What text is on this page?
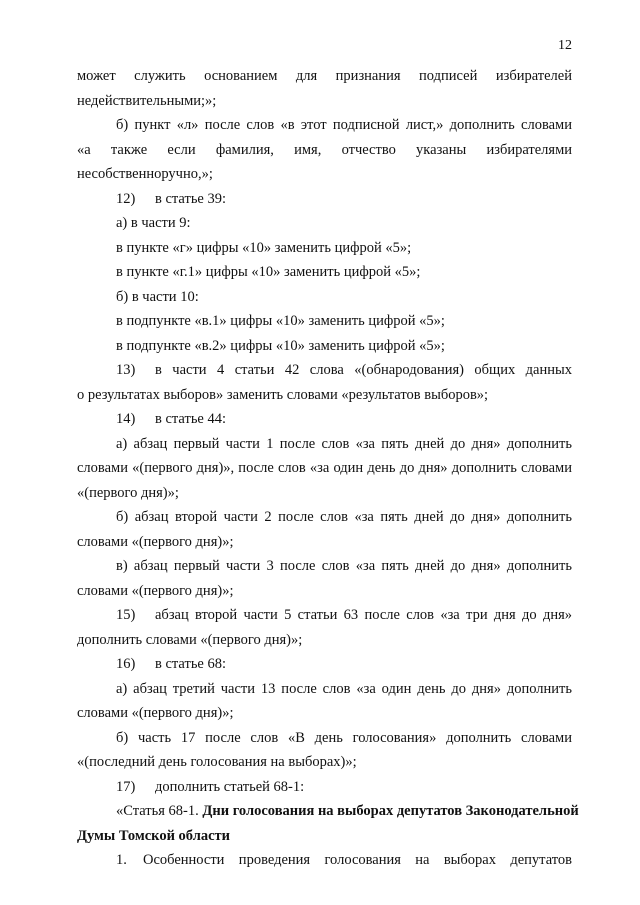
12
может служить основанием для признания подписей избирателей
недействительными;»;
б) пункт «л» после слов «в этот подписной лист,» дополнить словами
«а также если фамилия, имя, отчество указаны избирателями
несобственноручно,»;
12) в статье 39:
а) в части 9:
в пункте «г» цифры «10» заменить цифрой «5»;
в пункте «г.1» цифры «10» заменить цифрой «5»;
б) в части 10:
в подпункте «в.1» цифры «10» заменить цифрой «5»;
в подпункте «в.2» цифры «10» заменить цифрой «5»;
13) в части 4 статьи 42 слова «(обнародования) общих данных
о результатах выборов» заменить словами «результатов выборов»;
14) в статье 44:
а) абзац первый части 1 после слов «за пять дней до дня» дополнить
словами «(первого дня)», после слов «за один день до дня» дополнить словами
«(первого дня)»;
б) абзац второй части 2 после слов «за пять дней до дня» дополнить
словами «(первого дня)»;
в) абзац первый части 3 после слов «за пять дней до дня» дополнить
словами «(первого дня)»;
15) абзац второй части 5 статьи 63 после слов «за три дня до дня»
дополнить словами «(первого дня)»;
16) в статье 68:
а) абзац третий части 13 после слов «за один день до дня» дополнить
словами «(первого дня)»;
б) часть 17 после слов «В день голосования» дополнить словами
«(последний день голосования на выборах)»;
17) дополнить статьей 68-1:
«Статья 68-1. Дни голосования на выборах депутатов Законодательной
Думы Томской области
1. Особенности проведения голосования на выборах депутатов
